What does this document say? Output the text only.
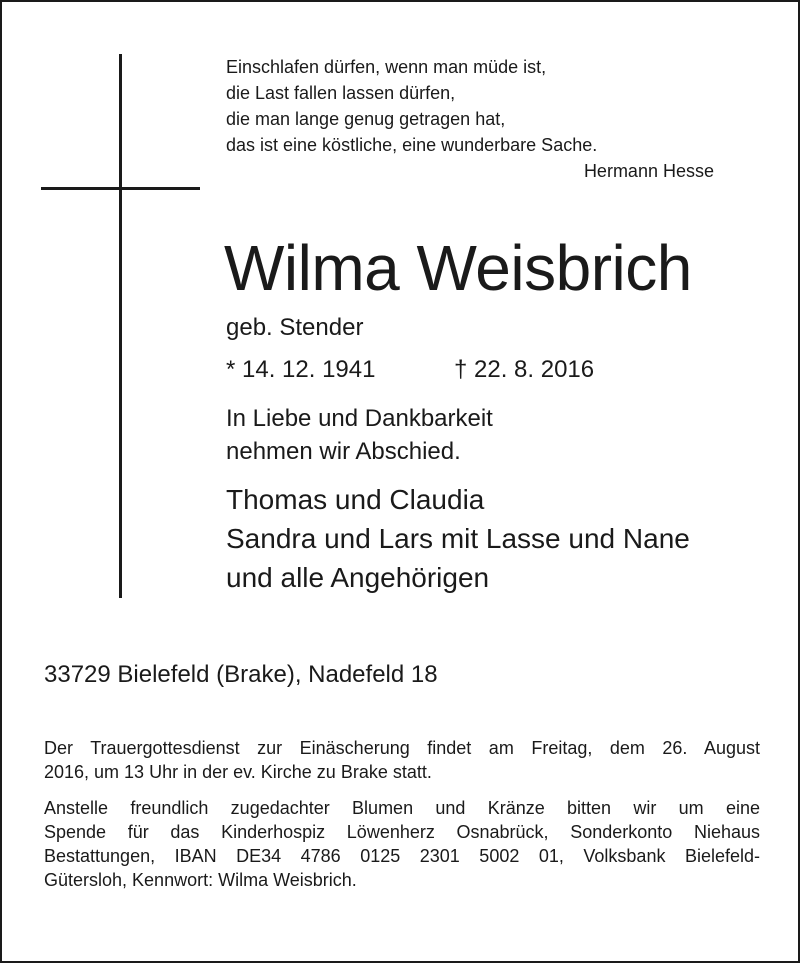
Einschlafen dürfen, wenn man müde ist,
die Last fallen lassen dürfen,
die man lange genug getragen hat,
das ist eine köstliche, eine wunderbare Sache.
Hermann Hesse
Wilma Weisbrich
geb. Stender
* 14. 12. 1941	† 22. 8. 2016
In Liebe und Dankbarkeit
nehmen wir Abschied.
Thomas und Claudia
Sandra und Lars mit Lasse und Nane
und alle Angehörigen
33729 Bielefeld (Brake), Nadefeld 18
Der Trauergottesdienst zur Einäscherung findet am Freitag, dem 26. August
2016, um 13 Uhr in der ev. Kirche zu Brake statt.
Anstelle freundlich zugedachter Blumen und Kränze bitten wir um eine
Spende für das Kinderhospiz Löwenherz Osnabrück, Sonderkonto Niehaus
Bestattungen, IBAN DE34 4786 0125 2301 5002 01, Volksbank Bielefeld-
Gütersloh, Kennwort: Wilma Weisbrich.
